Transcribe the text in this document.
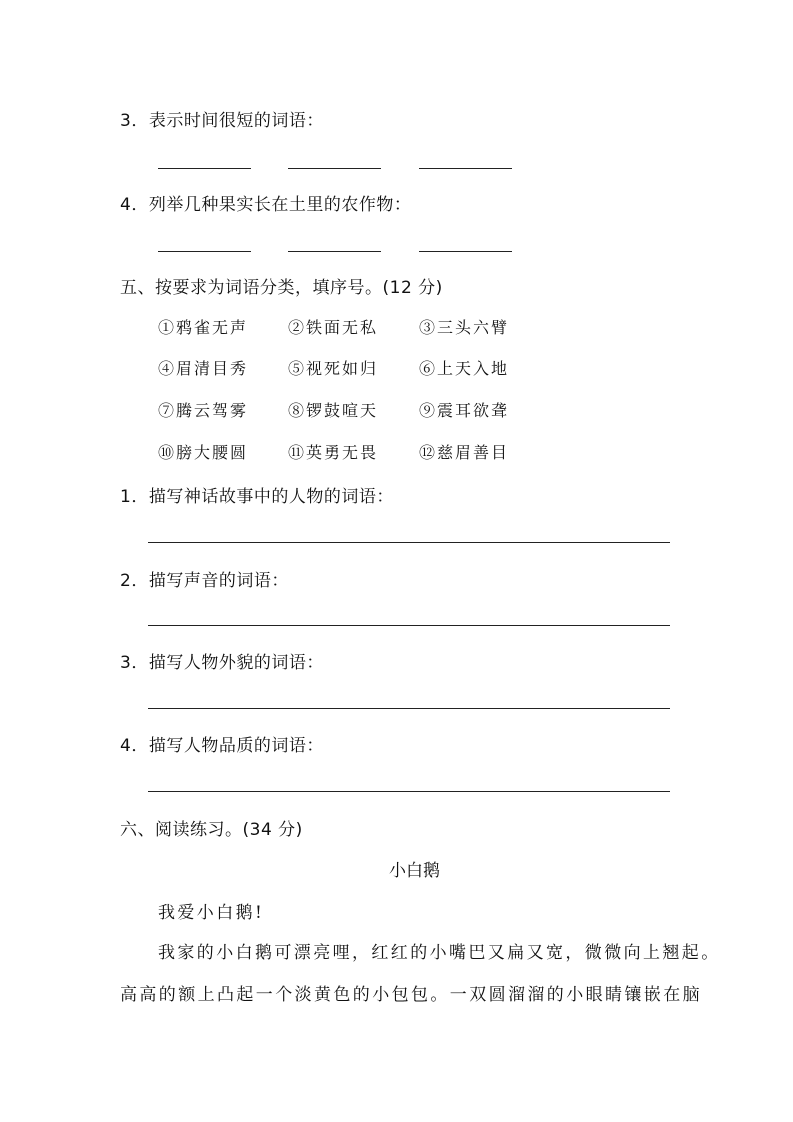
3．表示时间很短的词语：
4．列举几种果实长在土里的农作物：
五、按要求为词语分类，填序号。(12 分)
①鸦雀无声 ②铁面无私	③三头六臂
④眉清目秀 ⑤视死如归	⑥上天入地
⑦腾云驾雾 ⑧锣鼓喧天	⑨震耳欲聋
⑩膀大腰圆 ⑪英勇无畏	⑫慈眉善目
1．描写神话故事中的人物的词语：
2．描写声音的词语：
3．描写人物外貌的词语：
4．描写人物品质的词语：
六、阅读练习。(34 分)
小白鹅
我爱小白鹅!
我家的小白鹅可漂亮哩，红红的小嘴巴又扁又宽，微微向上翘起。
高高的额上凸起一个淡黄色的小包包。一双圆溜溜的小眼睛镶嵌在脑
